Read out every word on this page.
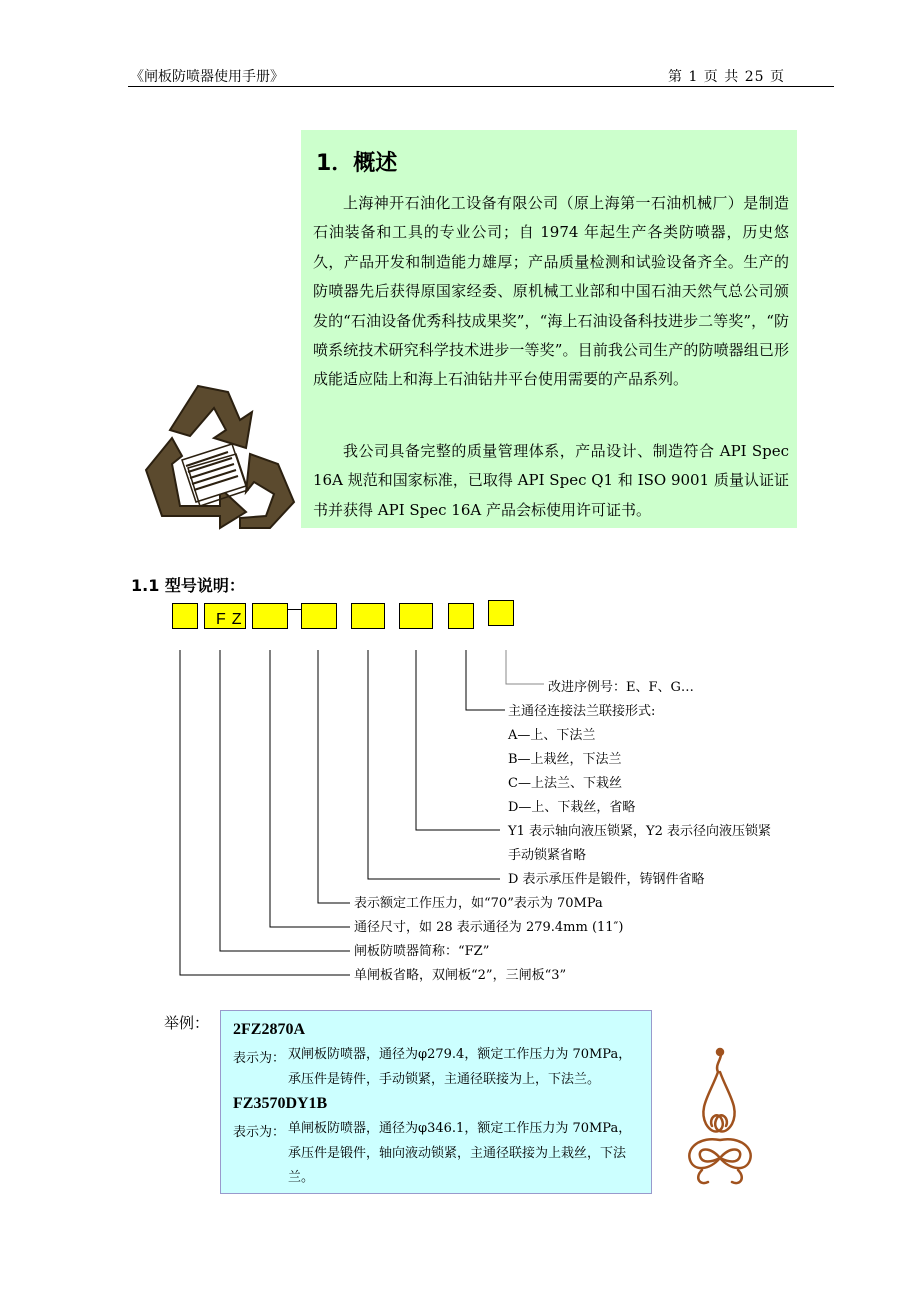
《闸板防喷器使用手册》	第 1 页 共 25 页
1．概述

上海神开石油化工设备有限公司（原上海第一石油机械厂）是制造石油装备和工具的专业公司；自 1974 年起生产各类防喷器，历史悠久，产品开发和制造能力雄厚；产品质量检测和试验设备齐全。生产的防喷器先后获得原国家经委、原机械工业部和中国石油天然气总公司颁发的“石油设备优秀科技成果奖”，“海上石油设备科技进步二等奖”，“防喷系统技术研究科学技术进步一等奖”。目前我公司生产的防喷器组已形成能适应陆上和海上石油钻井平台使用需要的产品系列。

我公司具备完整的质量管理体系，产品设计、制造符合 API Spec 16A 规范和国家标准，已取得 API Spec Q1 和 ISO 9001 质量认证证书并获得 API Spec 16A 产品会标使用许可证书。

1.1 型号说明：
FZ
改进序例号：E、F、G…
主通径连接法兰联接形式:
A—上、下法兰
B—上栽丝，下法兰
C—上法兰、下栽丝
D—上、下栽丝，省略
Y1 表示轴向液压锁紧，Y2 表示径向液压锁紧
手动锁紧省略
D 表示承压件是锻件，铸钢件省略
表示额定工作压力，如“70”表示为 70MPa
通径尺寸，如 28 表示通径为 279.4mm (11″)
闸板防喷器简称：“FZ”
单闸板省略，双闸板“2”，三闸板“3”
举例： 2FZ2870A
表示为： 双闸板防喷器，通径为φ279.4，额定工作压力为 70MPa，承压件是铸件，手动锁紧，主通径联接为上，下法兰。

FZ3570DY1B
表示为： 单闸板防喷器，通径为φ346.1，额定工作压力为 70MPa，承压件是锻件，轴向液动锁紧，主通径联接为上栽丝，下法兰。
